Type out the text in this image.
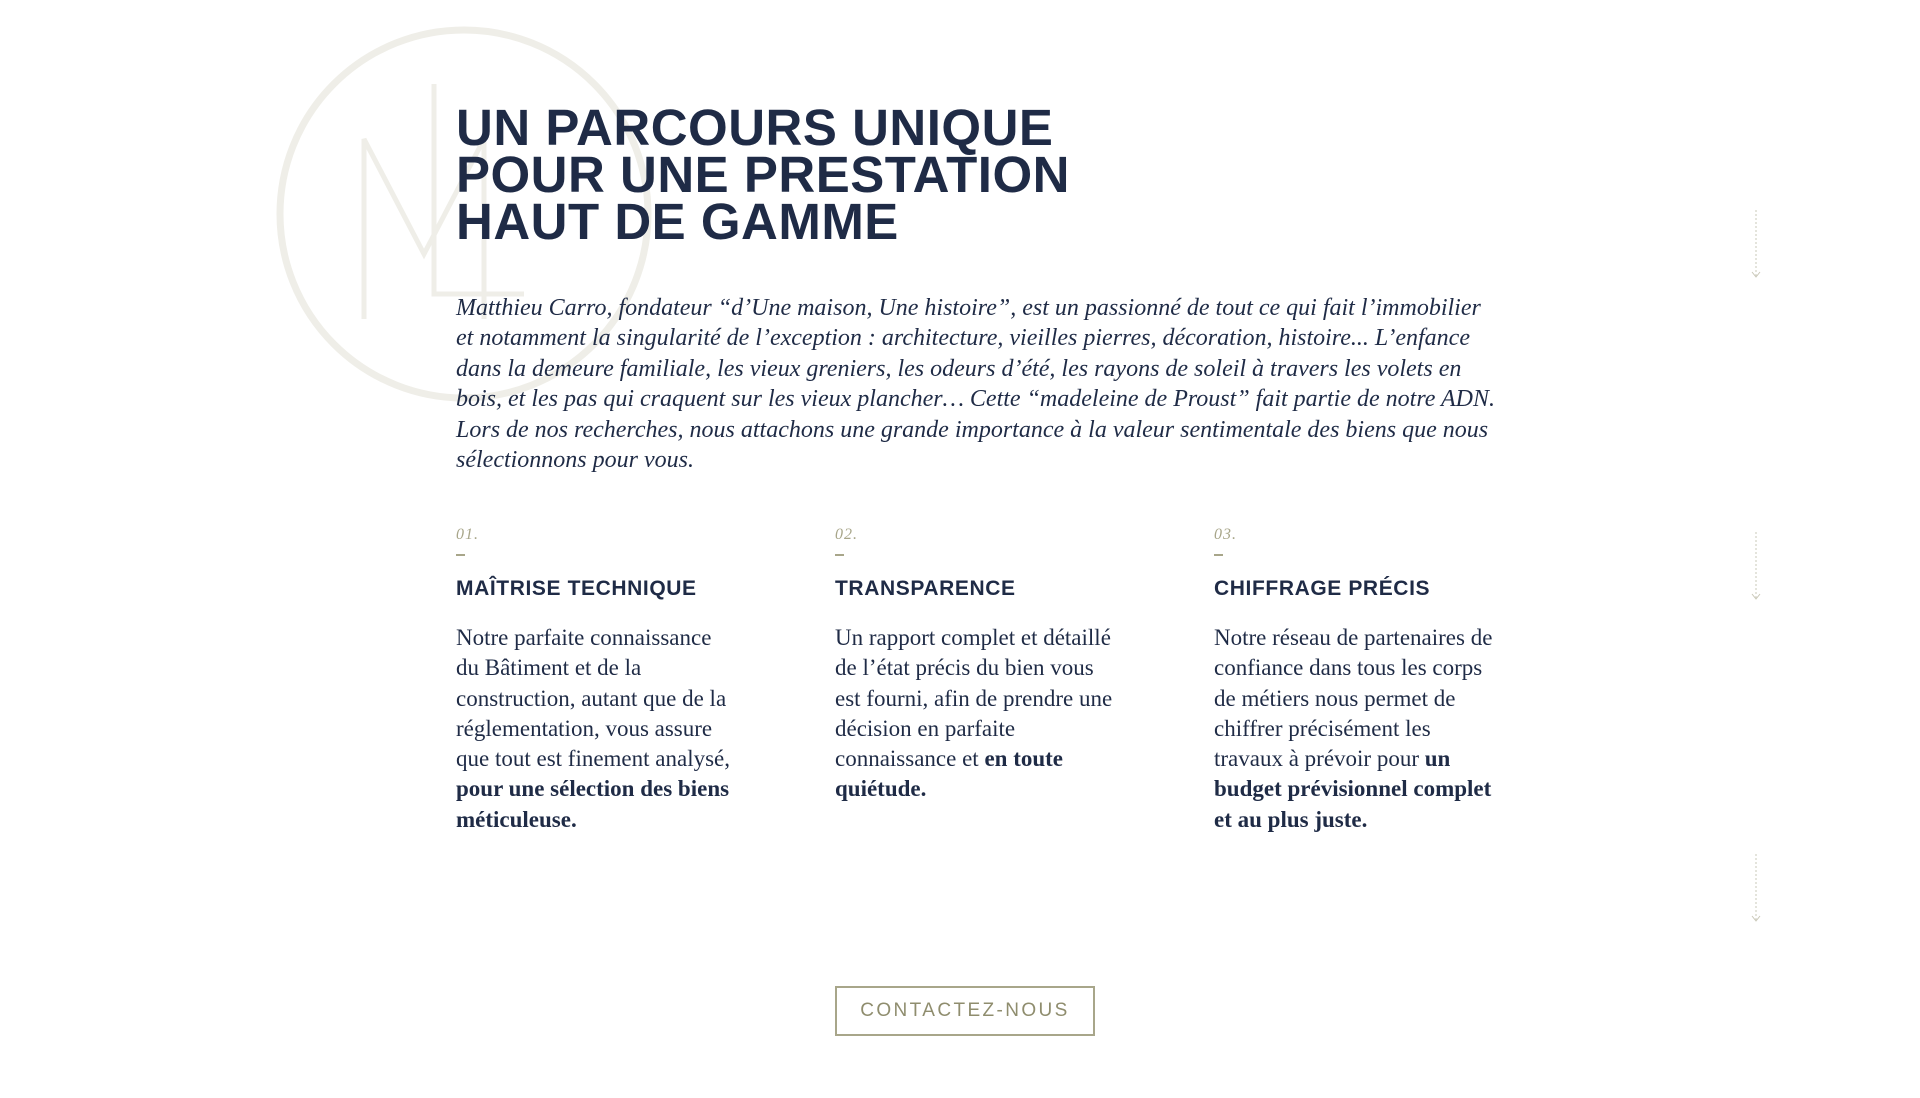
UN PARCOURS UNIQUE
POUR UNE PRESTATION
HAUT DE GAMME

Matthieu Carro, fondateur “d’Une maison, Une histoire”, est un passionné de tout ce qui fait l’immobilier et notamment la singularité de l’exception : architecture, vieilles pierres, décoration, histoire... L’enfance dans la demeure familiale, les vieux greniers, les odeurs d’été, les rayons de soleil à travers les volets en bois, et les pas qui craquent sur les vieux plancher… Cette “madeleine de Proust” fait partie de notre ADN. Lors de nos recherches, nous attachons une grande importance à la valeur sentimentale des biens que nous sélectionnons pour vous.

01.
MAÎTRISE TECHNIQUE

Notre parfaite connaissance du Bâtiment et de la construction, autant que de la réglementation, vous assure que tout est finement analysé, pour une sélection des biens méticuleuse.

02.
TRANSPARENCE

Un rapport complet et détaillé de l’état précis du bien vous est fourni, afin de prendre une décision en parfaite connaissance et en toute quiétude.

03.
CHIFFRAGE PRÉCIS

Notre réseau de partenaires de confiance dans tous les corps de métiers nous permet de chiffrer précisément les travaux à prévoir pour un budget prévisionnel complet et au plus juste.

CONTACTEZ-NOUS
